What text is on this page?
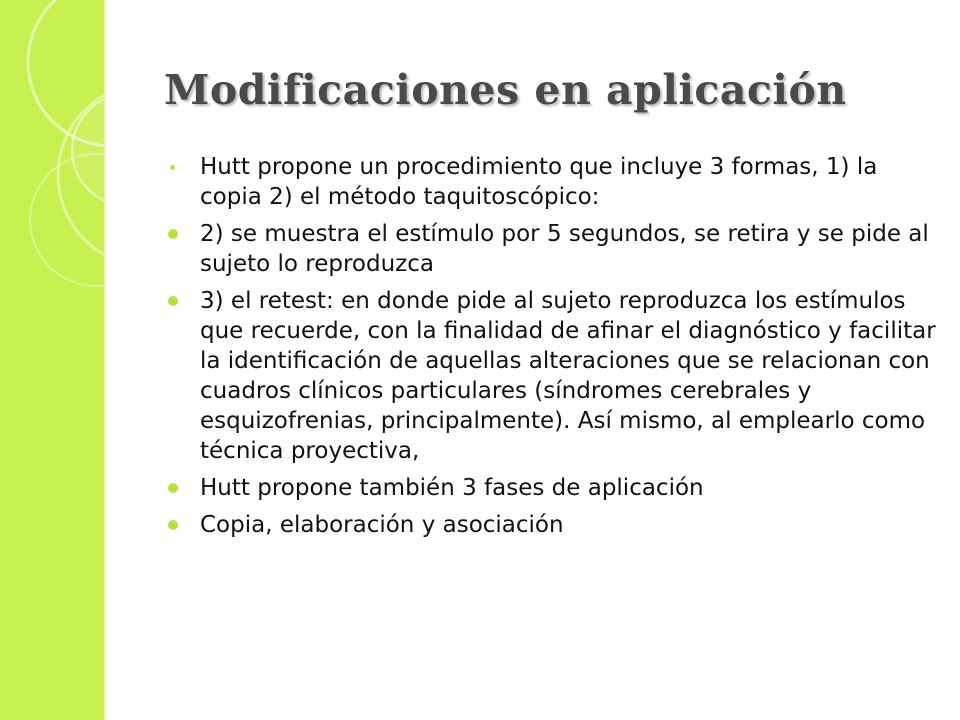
Modificaciones en aplicación
Hutt propone un procedimiento que incluye 3 formas, 1) la copia 2) el método taquitoscópico:
2) se muestra el estímulo por 5 segundos, se retira y se pide al sujeto lo reproduzca
3) el retest: en donde pide al sujeto reproduzca los estímulos que recuerde, con la finalidad de afinar el diagnóstico y facilitar la identificación de aquellas alteraciones que se relacionan con cuadros clínicos particulares (síndromes cerebrales y esquizofrenias, principalmente). Así mismo, al emplearlo como técnica proyectiva,
Hutt propone también 3 fases de aplicación
Copia, elaboración y asociación
